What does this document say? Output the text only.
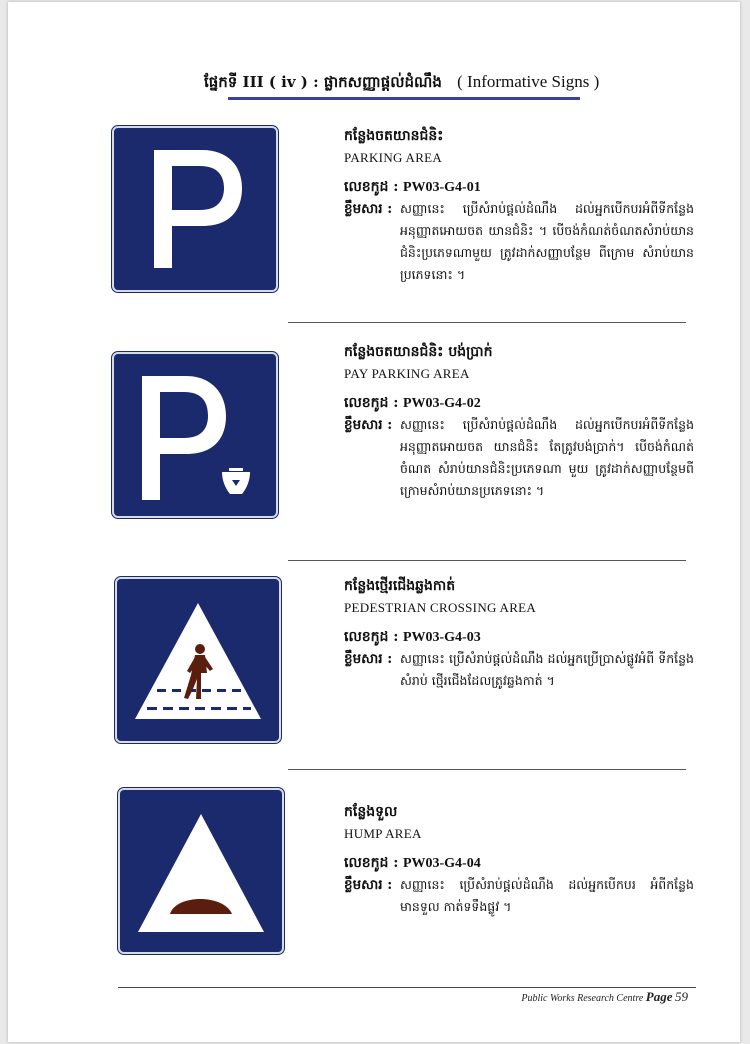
ផ្នែកទី III ( iv ) : ផ្លាកសញ្ញាផ្តល់ដំណឹង ( Informative Signs )
កន្លែងចតយានជំនិះ
PARKING AREA
លេខកូដ : PW03-G4-01
ខ្លឹមសារ : សញ្ញានេះ ប្រើសំរាប់ផ្តល់ដំណឹង ដល់អ្នកបើកបរអំពីទីកន្លែងអនុញ្ញាតអោយចត យានជំនិះ ។ បើចង់កំណត់ចំណតសំរាប់យានជំនិះប្រភេទណាមួយ ត្រូវដាក់សញ្ញាបន្ថែម ពីក្រោម សំរាប់យានប្រភេទនោះ ។
កន្លែងចតយានជំនិះ បង់ប្រាក់
PAY PARKING AREA
លេខកូដ : PW03-G4-02
ខ្លឹមសារ : សញ្ញានេះ ប្រើសំរាប់ផ្តល់ដំណឹង ដល់អ្នកបើកបរអំពីទីកន្លែងអនុញ្ញាតអោយចត យានជំនិះ តែត្រូវបង់ប្រាក់។ បើចង់កំណត់ចំណត សំរាប់យានជំនិះប្រភេទណា មួយ ត្រូវដាក់សញ្ញាបន្ថែមពីក្រោមសំរាប់យានប្រភេទនោះ ។
កន្លែងថ្មើរជើងឆ្លងកាត់
PEDESTRIAN CROSSING AREA
លេខកូដ : PW03-G4-03
ខ្លឹមសារ : សញ្ញានេះ ប្រើសំរាប់ផ្តល់ដំណឹង ដល់អ្នកប្រើប្រាស់ផ្លូវអំពី ទីកន្លែងសំរាប់ ថ្មើរជើងដែលត្រូវឆ្លងកាត់ ។
កន្លែងទួល
HUMP AREA
លេខកូដ : PW03-G4-04
ខ្លឹមសារ : សញ្ញានេះ ប្រើសំរាប់ផ្តល់ដំណឹង ដល់អ្នកបើកបរ អំពីកន្លែងមានទួល កាត់ទទឹងផ្លូវ ។
Public Works Research Centre Page 59
